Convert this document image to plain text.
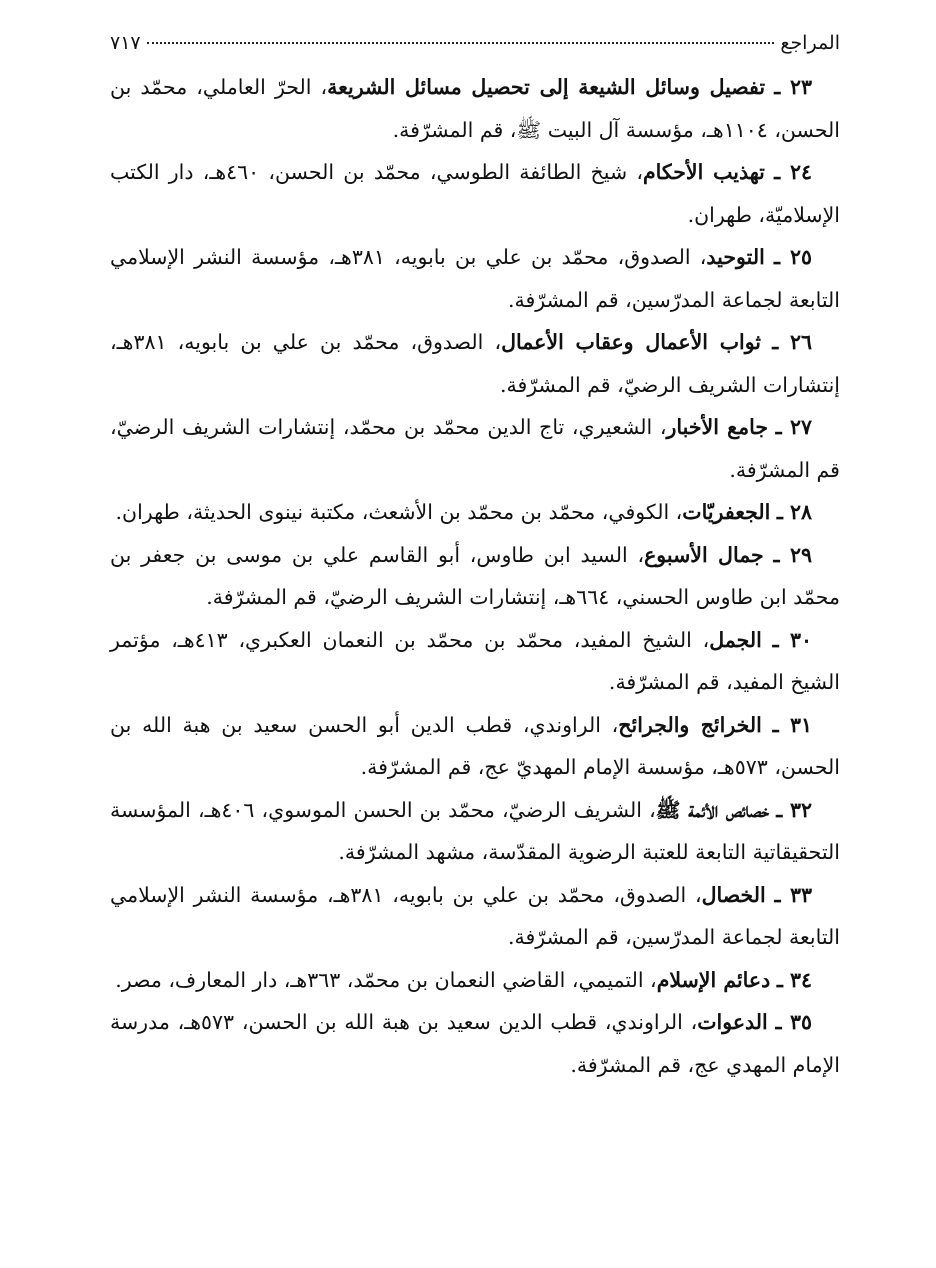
المراجع
٧١٧

٢٣ ـ تفصيل وسائل الشيعة إلى تحصيل مسائل الشريعة، الحرّ العاملي، محمّد بن الحسن، ١١٠٤هـ، مؤسسة آل البيت ﷺ، قم المشرّفة.

٢٤ ـ تهذيب الأحكام، شيخ الطائفة الطوسي، محمّد بن الحسن، ٤٦٠هـ، دار الكتب الإسلاميّة، طهران.

٢٥ ـ التوحيد، الصدوق، محمّد بن علي بن بابويه، ٣٨١هـ، مؤسسة النشر الإسلامي التابعة لجماعة المدرّسين، قم المشرّفة.

٢٦ ـ ثواب الأعمال وعقاب الأعمال، الصدوق، محمّد بن علي بن بابويه، ٣٨١هـ، إنتشارات الشريف الرضيّ، قم المشرّفة.

٢٧ ـ جامع الأخبار، الشعيري، تاج الدين محمّد بن محمّد، إنتشارات الشريف الرضيّ، قم المشرّفة.

٢٨ ـ الجعفريّات، الكوفي، محمّد بن محمّد بن الأشعث، مكتبة نينوى الحديثة، طهران.

٢٩ ـ جمال الأسبوع، السيد ابن طاوس، أبو القاسم علي بن موسى بن جعفر بن محمّد ابن طاوس الحسني، ٦٦٤هـ، إنتشارات الشريف الرضيّ، قم المشرّفة.

٣٠ ـ الجمل، الشيخ المفيد، محمّد بن محمّد بن النعمان العكبري، ٤١٣هـ، مؤتمر الشيخ المفيد، قم المشرّفة.

٣١ ـ الخرائج والجرائح، الراوندي، قطب الدين أبو الحسن سعيد بن هبة الله بن الحسن، ٥٧٣هـ، مؤسسة الإمام المهديّ عج، قم المشرّفة.

٣٢ ـ خصائص الأئمة ﷺ، الشريف الرضيّ، محمّد بن الحسن الموسوي، ٤٠٦هـ، المؤسسة التحقيقاتية التابعة للعتبة الرضوية المقدّسة، مشهد المشرّفة.

٣٣ ـ الخصال، الصدوق، محمّد بن علي بن بابويه، ٣٨١هـ، مؤسسة النشر الإسلامي التابعة لجماعة المدرّسين، قم المشرّفة.

٣٤ ـ دعائم الإسلام، التميمي، القاضي النعمان بن محمّد، ٣٦٣هـ، دار المعارف، مصر.

٣٥ ـ الدعوات، الراوندي، قطب الدين سعيد بن هبة الله بن الحسن، ٥٧٣هـ، مدرسة الإمام المهدي عج، قم المشرّفة.
